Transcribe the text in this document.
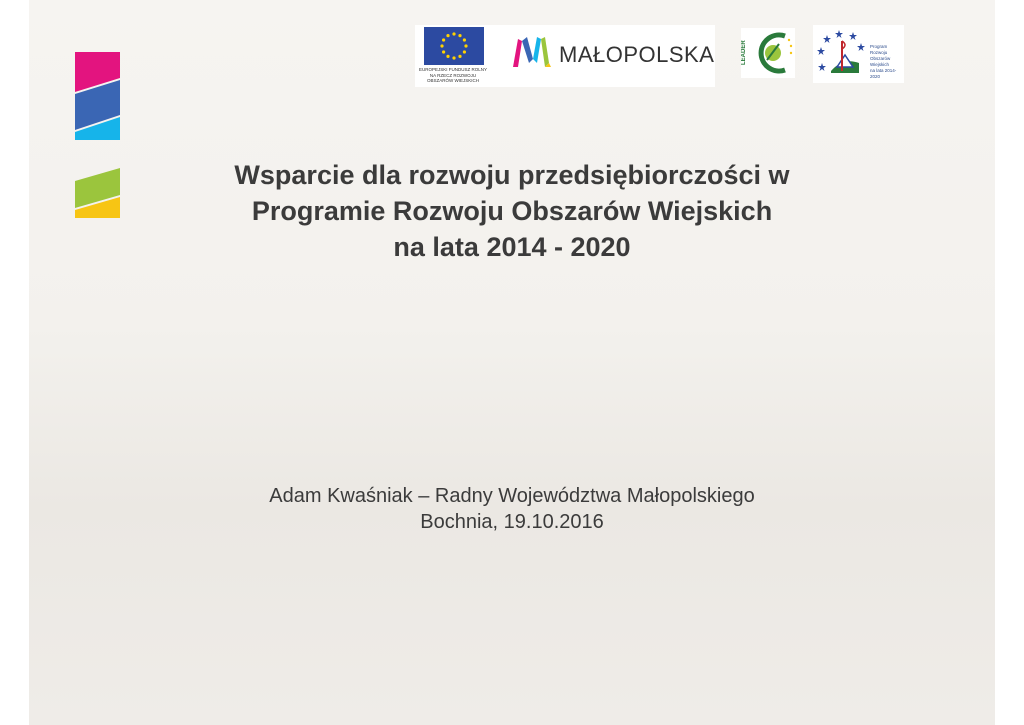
EUROPEJSKI FUNDUSZ ROLNY
NA RZECZ ROZWOJU
OBSZARÓW WIEJSKICH
MAŁOPOLSKA	LEADER	Program
Rozwoju
Obszarów
Wiejskich
na lata 2014-2020
Wsparcie dla rozwoju przedsiębiorczości w
Programie Rozwoju Obszarów Wiejskich
na lata 2014 - 2020
Adam Kwaśniak – Radny Województwa Małopolskiego
Bochnia, 19.10.2016
